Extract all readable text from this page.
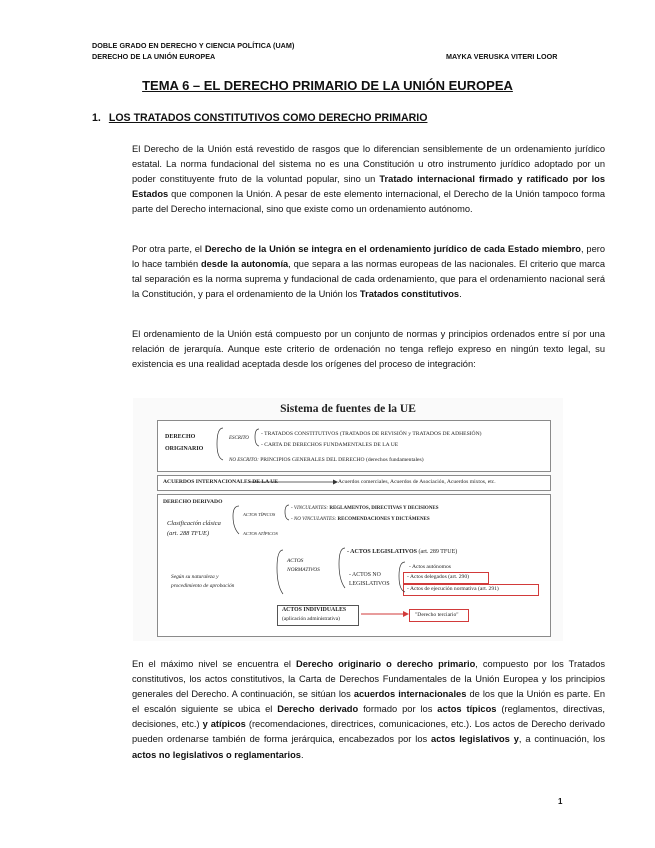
DOBLE GRADO EN DERECHO Y CIENCIA POLÍTICA (UAM)
DERECHO DE LA UNIÓN EUROPEA	MAYKA VERUSKA VITERI LOOR
TEMA 6 – EL DERECHO PRIMARIO DE LA UNIÓN EUROPEA
1. LOS TRATADOS CONSTITUTIVOS COMO DERECHO PRIMARIO
El Derecho de la Unión está revestido de rasgos que lo diferencian sensiblemente de un ordenamiento jurídico estatal. La norma fundacional del sistema no es una Constitución u otro instrumento jurídico adoptado por un poder constituyente fruto de la voluntad popular, sino un Tratado internacional firmado y ratificado por los Estados que componen la Unión. A pesar de este elemento internacional, el Derecho de la Unión tampoco forma parte del Derecho internacional, sino que existe como un ordenamiento autónomo.
Por otra parte, el Derecho de la Unión se integra en el ordenamiento jurídico de cada Estado miembro, pero lo hace también desde la autonomía, que separa a las normas europeas de las nacionales. El criterio que marca tal separación es la norma suprema y fundacional de cada ordenamiento, que para el ordenamiento nacional será la Constitución, y para el ordenamiento de la Unión los Tratados constitutivos.
El ordenamiento de la Unión está compuesto por un conjunto de normas y principios ordenados entre sí por una relación de jerarquía. Aunque este criterio de ordenación no tenga reflejo expreso en ningún texto legal, su existencia es una realidad aceptada desde los orígenes del proceso de integración:
Sistema de fuentes de la UE
DERECHO
ORIGINARIO
ESCRITO
- TRATADOS CONSTITUTIVOS (TRATADOS DE REVISIÓN y TRATADOS DE ADHESIÓN)
- CARTA DE DERECHOS FUNDAMENTALES DE LA UE
NO ESCRITO: PRINCIPIOS GENERALES DEL DERECHO (derechos fundamentales)
ACUERDOS INTERNACIONALES DE LA UE	Acuerdos comerciales, Acuerdos de Asociación, Acuerdos mixtos, etc.
DERECHO DERIVADO
Clasificación clásica
(art. 288 TFUE)
ACTOS TÍPICOS
- VINCULANTES: REGLAMENTOS, DIRECTIVAS Y DECISIONES
- NO VINCULANTES: RECOMENDACIONES Y DICTÁMENES
ACTOS ATÍPICOS
Según su naturaleza y
procedimiento de aprobación
ACTOS
NORMATIVOS
- ACTOS LEGISLATIVOS (art. 289 TFUE)
- ACTOS NO
LEGISLATIVOS
- Actos autónomos
- Actos delegados (art. 290)
- Actos de ejecución normativa (art. 291)
ACTOS INDIVIDUALES
(aplicación administrativa)
"Derecho terciario"
En el máximo nivel se encuentra el Derecho originario o derecho primario, compuesto por los Tratados constitutivos, los actos constitutivos, la Carta de Derechos Fundamentales de la Unión Europea y los principios generales del Derecho. A continuación, se sitúan los acuerdos internacionales de los que la Unión es parte. En el escalón siguiente se ubica el Derecho derivado formado por los actos típicos (reglamentos, directivas, decisiones, etc.) y atípicos (recomendaciones, directrices, comunicaciones, etc.). Los actos de Derecho derivado pueden ordenarse también de forma jerárquica, encabezados por los actos legislativos y, a continuación, los actos no legislativos o reglamentarios.
1
